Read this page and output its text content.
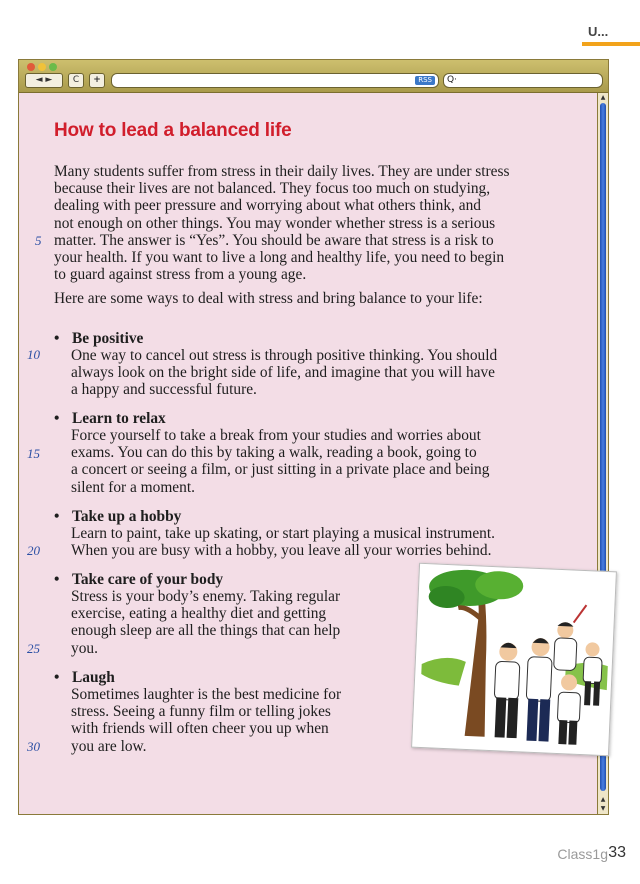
U...
◄ ►	C	+	RSS	Q·
▲
▲
▼
How to lead a balanced life
Many students suffer from stress in their daily lives. They are under stress
because their lives are not balanced. They focus too much on studying,
dealing with peer pressure and worrying about what others think, and
not enough on other things. You may wonder whether stress is a serious
matter. The answer is “Yes”. You should be aware that stress is a risk to
your health. If you want to live a long and healthy life, you need to begin
to guard against stress from a young age.
Here are some ways to deal with stress and bring balance to your life:
• Be positive
One way to cancel out stress is through positive thinking. You should
always look on the bright side of life, and imagine that you will have
a happy and successful future.
• Learn to relax
Force yourself to take a break from your studies and worries about
exams. You can do this by taking a walk, reading a book, going to
a concert or seeing a film, or just sitting in a private place and being
silent for a moment.
• Take up a hobby
Learn to paint, take up skating, or start playing a musical instrument.
When you are busy with a hobby, you leave all your worries behind.
• Take care of your body
Stress is your body’s enemy. Taking regular
exercise, eating a healthy diet and getting
enough sleep are all the things that can help
you.
• Laugh
Sometimes laughter is the best medicine for
stress. Seeing a funny film or telling jokes
with friends will often cheer you up when
you are low.
5
10
15
20
25
30
Class1g 33
